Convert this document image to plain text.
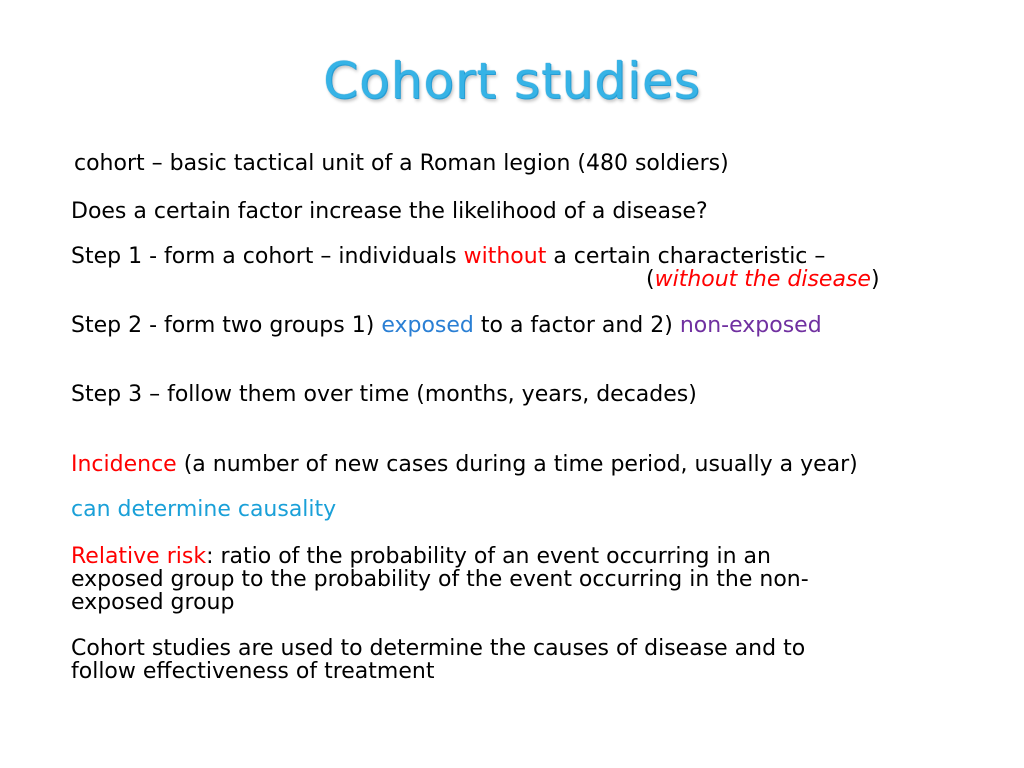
Cohort studies
cohort – basic tactical unit of a Roman legion (480 soldiers)
Does a certain factor increase the likelihood of a disease?
Step 1 - form a cohort – individuals without a certain characteristic –
(without the disease)
Step 2 - form two groups 1) exposed to a factor and 2) non-exposed
Step 3 – follow them over time (months, years, decades)
Incidence (a number of new cases during a time period, usually a year)
can determine causality
Relative risk: ratio of the probability of an event occurring in an
exposed group to the probability of the event occurring in the non-
exposed group
Cohort studies are used to determine the causes of disease and to
follow effectiveness of treatment
